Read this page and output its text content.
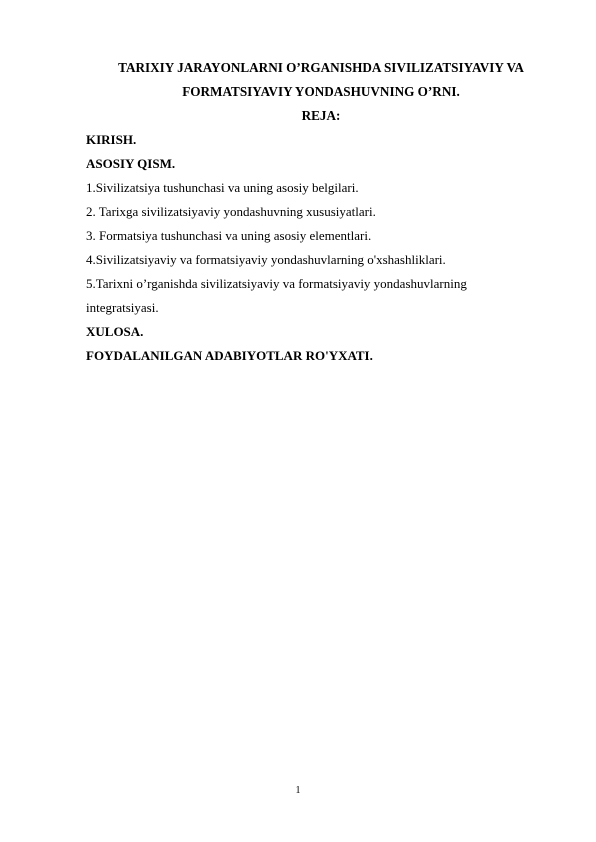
TARIXIY JARAYONLARNI O’RGANISHDA SIVILIZATSIYAVIY VA FORMATSIYAVIY YONDASHUVNING O’RNI.
REJA:
KIRISH.
ASOSIY QISM.
1.Sivilizatsiya tushunchasi va uning asosiy belgilari.
2. Tarixga sivilizatsiyaviy yondashuvning xususiyatlari.
3. Formatsiya tushunchasi va uning asosiy elementlari.
4.Sivilizatsiyaviy va formatsiyaviy yondashuvlarning o'xshashliklari.
5.Tarixni o’rganishda sivilizatsiyaviy va formatsiyaviy yondashuvlarning integratsiyasi.
XULOSA.
FOYDALANILGAN ADABIYOTLAR RO'YXATI.
1
